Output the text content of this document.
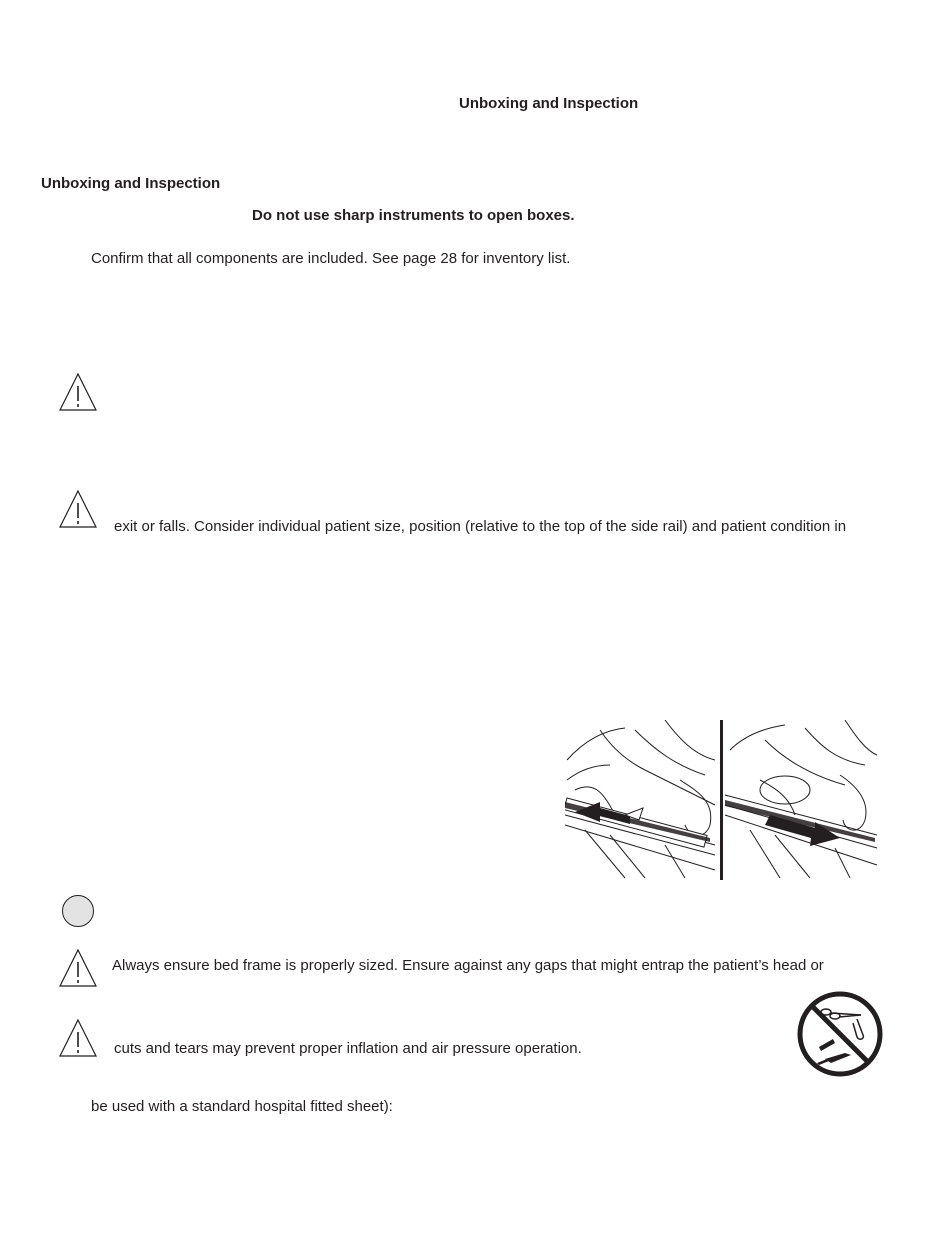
Unboxing and Inspection
Unboxing and Inspection
Do not use sharp instruments to open boxes.
Confirm that all components are included. See page 28 for inventory list.
exit or falls. Consider individual patient size, position (relative to the top of the side rail) and patient condition in
Always ensure bed frame is properly sized. Ensure against any gaps that might entrap the patient’s head or
cuts and tears may prevent proper inflation and air pressure operation.
be used with a standard hospital fitted sheet):
